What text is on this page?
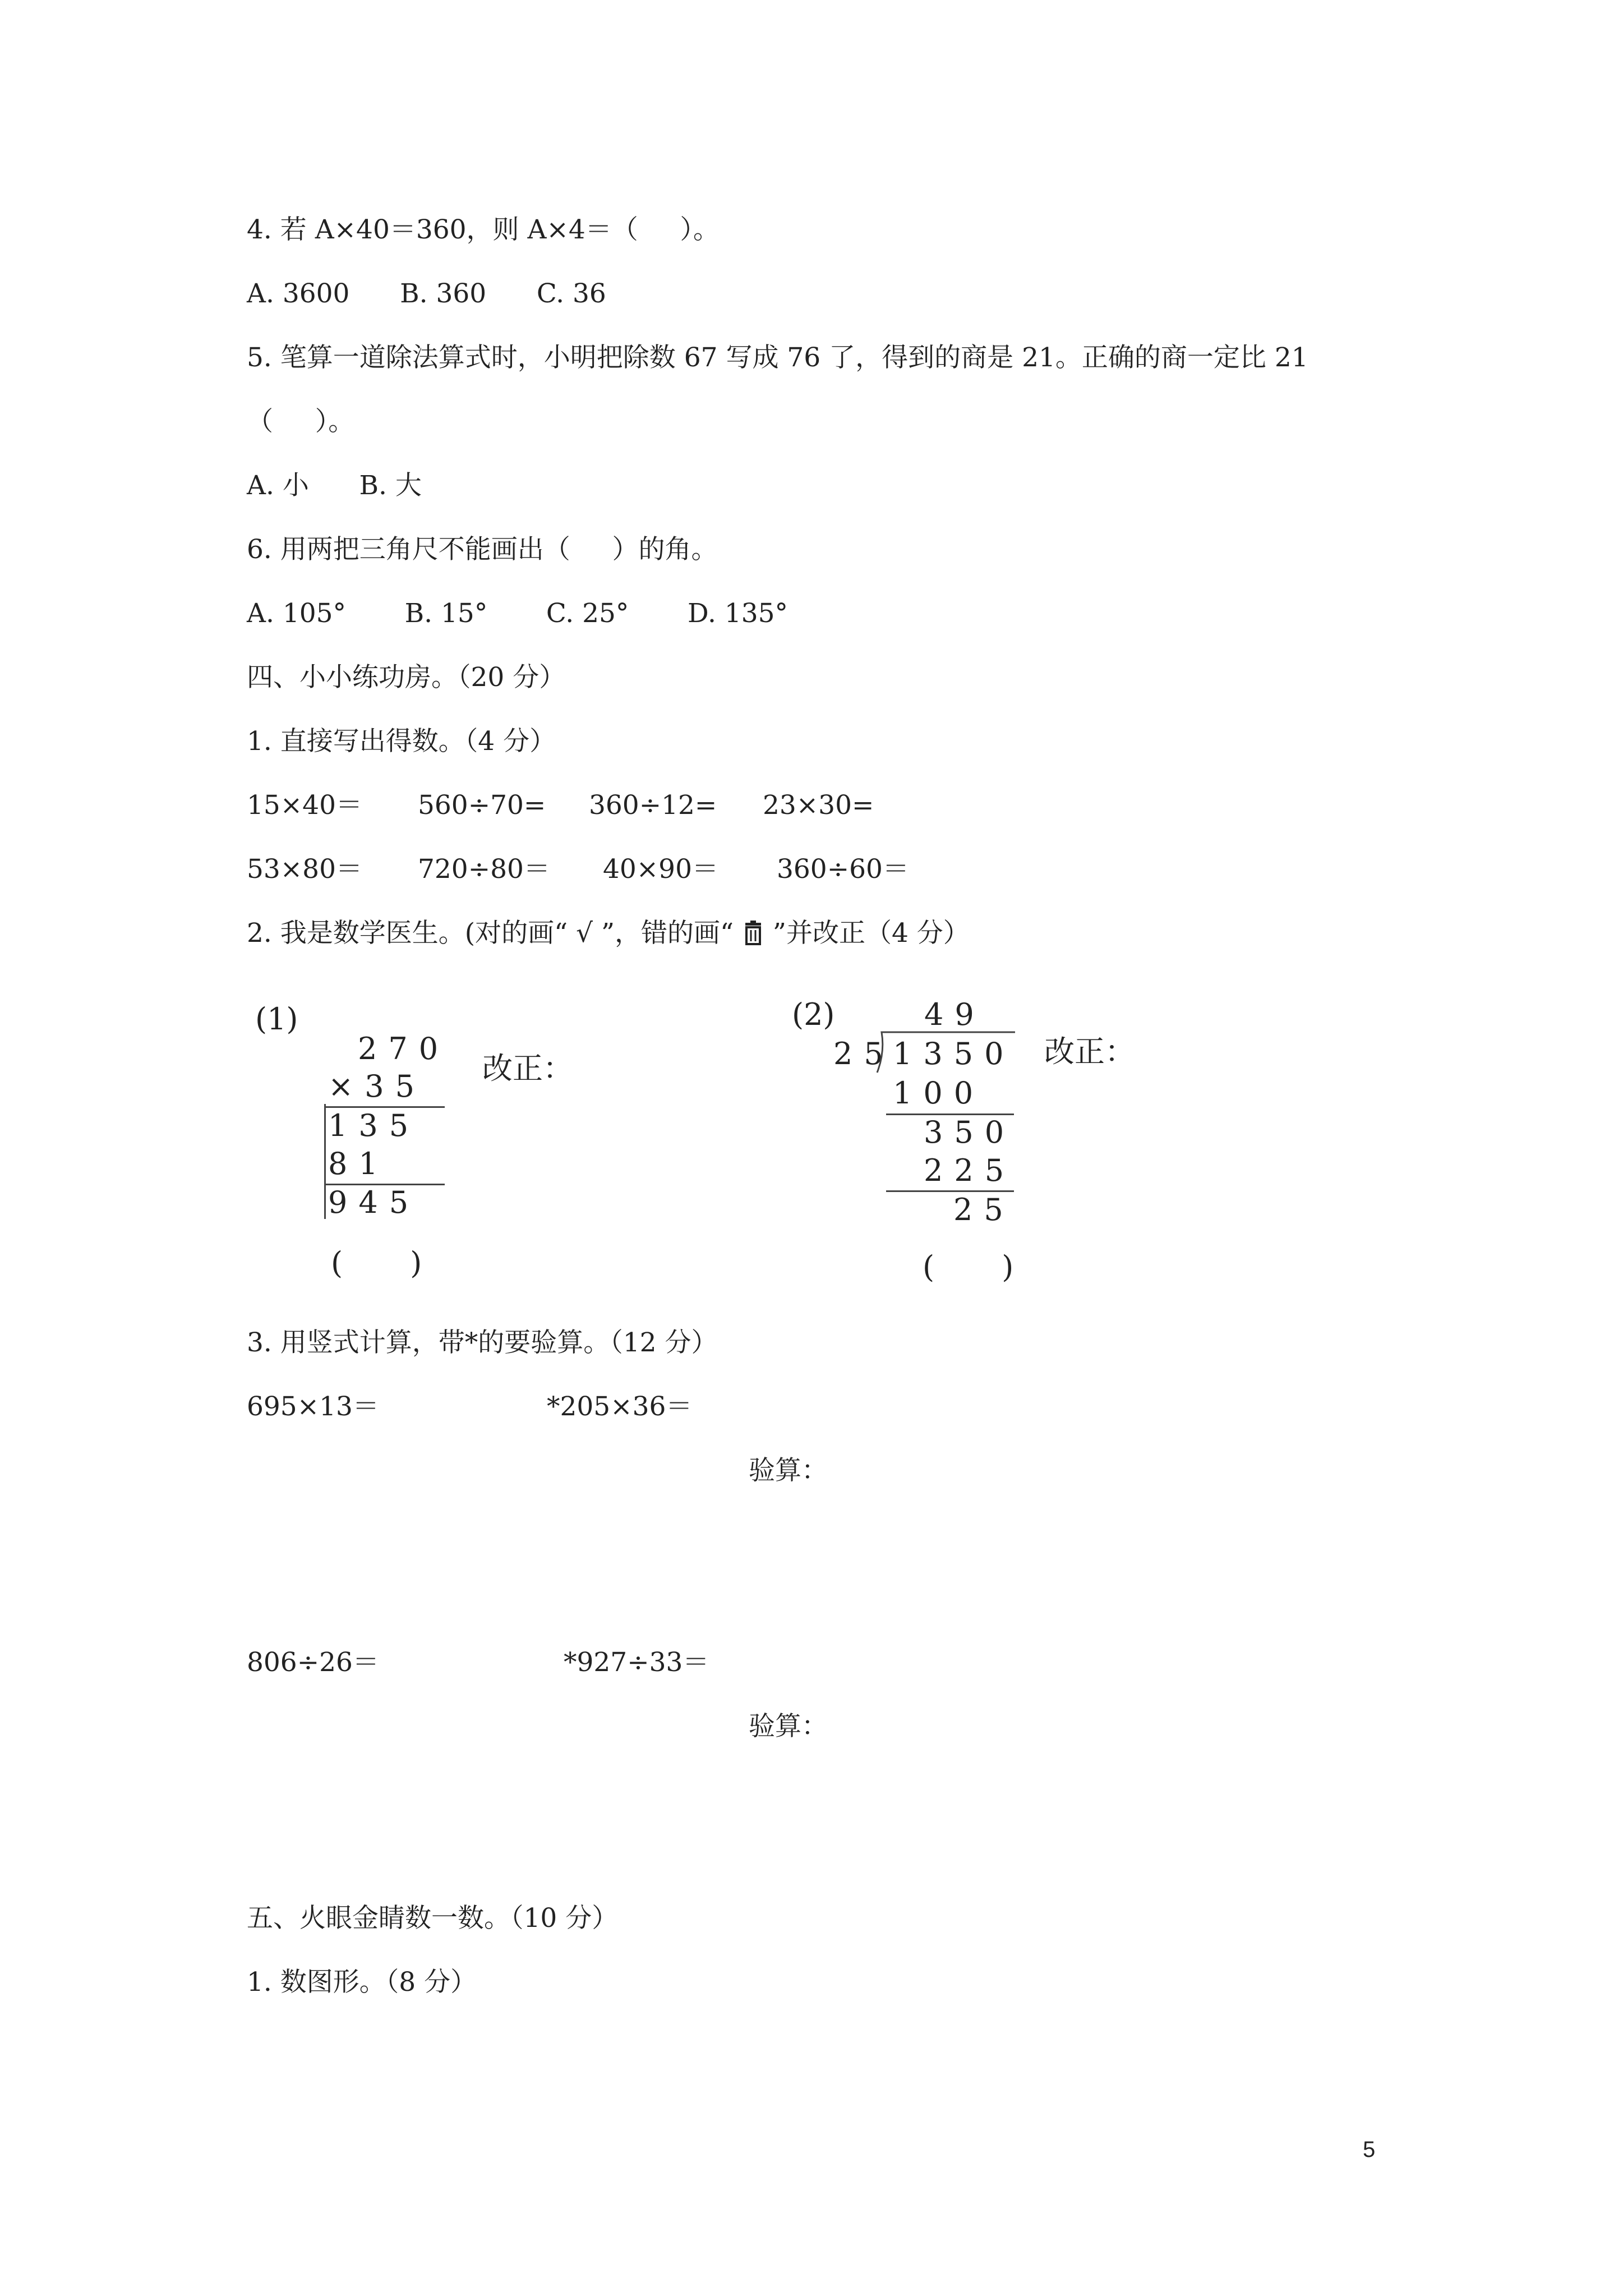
4. 若 A×40＝360，则 A×4＝（     ）。
A. 3600      B. 360      C. 36
5. 笔算一道除法算式时，小明把除数 67 写成 76 了，得到的商是 21。正确的商一定比 21
（     ）。
A. 小      B. 大
6. 用两把三角尺不能画出（     ）的角。
A. 105°       B. 15°       C. 25°       D. 135°
四、小小练功房。（20 分）
1. 直接写出得数。（4 分）
15×40＝ 560÷70= 360÷12= 23×30=
53×80＝ 720÷80＝ 40×90＝ 360÷60＝
2. 我是数学医生。(对的画“ √ ”，错的画“  ”并改正（4 分）
(1)
270
×35
135
81
945
改正：
(       )
(2)	49
25
1350
100
350
225
25
改正：
(       )
3. 用竖式计算，带*的要验算。（12 分）
695×13＝	*205×36＝
验算：
806÷26＝	*927÷33＝
验算：
五、火眼金睛数一数。（10 分）
1. 数图形。（8 分）
5
